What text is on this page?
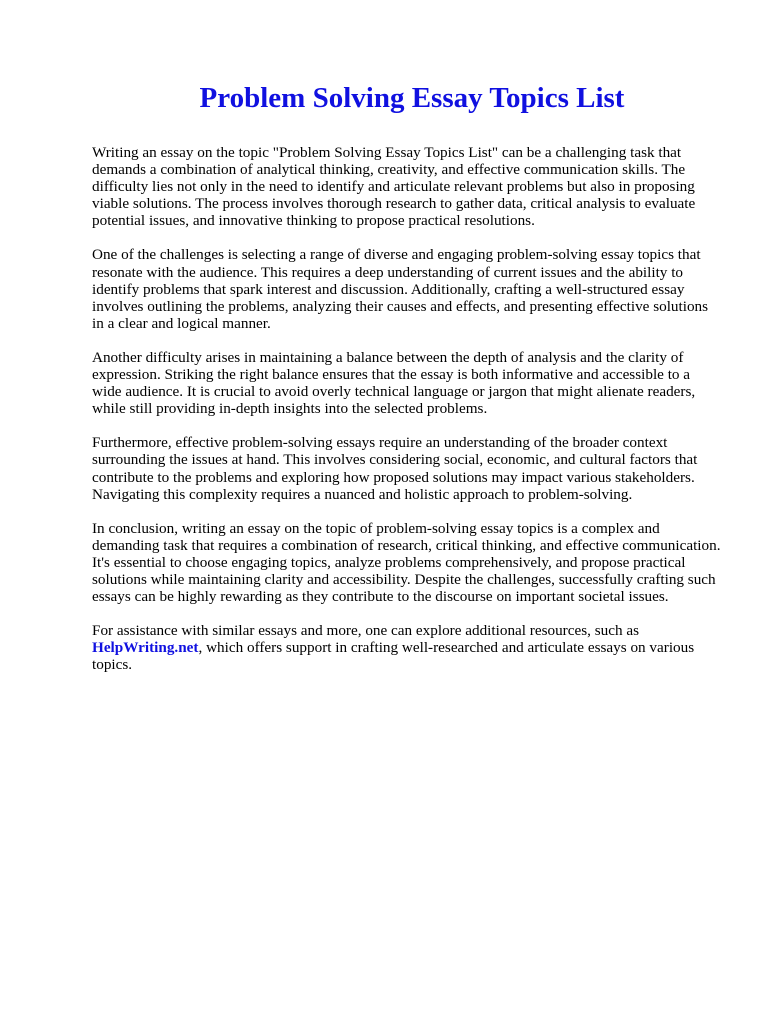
Problem Solving Essay Topics List

Writing an essay on the topic "Problem Solving Essay Topics List" can be a challenging task that demands a combination of analytical thinking, creativity, and effective communication skills. The difficulty lies not only in the need to identify and articulate relevant problems but also in proposing viable solutions. The process involves thorough research to gather data, critical analysis to evaluate potential issues, and innovative thinking to propose practical resolutions.

One of the challenges is selecting a range of diverse and engaging problem-solving essay topics that resonate with the audience. This requires a deep understanding of current issues and the ability to identify problems that spark interest and discussion. Additionally, crafting a well-structured essay involves outlining the problems, analyzing their causes and effects, and presenting effective solutions in a clear and logical manner.

Another difficulty arises in maintaining a balance between the depth of analysis and the clarity of expression. Striking the right balance ensures that the essay is both informative and accessible to a wide audience. It is crucial to avoid overly technical language or jargon that might alienate readers, while still providing in-depth insights into the selected problems.

Furthermore, effective problem-solving essays require an understanding of the broader context surrounding the issues at hand. This involves considering social, economic, and cultural factors that contribute to the problems and exploring how proposed solutions may impact various stakeholders. Navigating this complexity requires a nuanced and holistic approach to problem-solving.

In conclusion, writing an essay on the topic of problem-solving essay topics is a complex and demanding task that requires a combination of research, critical thinking, and effective communication. It's essential to choose engaging topics, analyze problems comprehensively, and propose practical solutions while maintaining clarity and accessibility. Despite the challenges, successfully crafting such essays can be highly rewarding as they contribute to the discourse on important societal issues.

For assistance with similar essays and more, one can explore additional resources, such as HelpWriting.net, which offers support in crafting well-researched and articulate essays on various topics.
